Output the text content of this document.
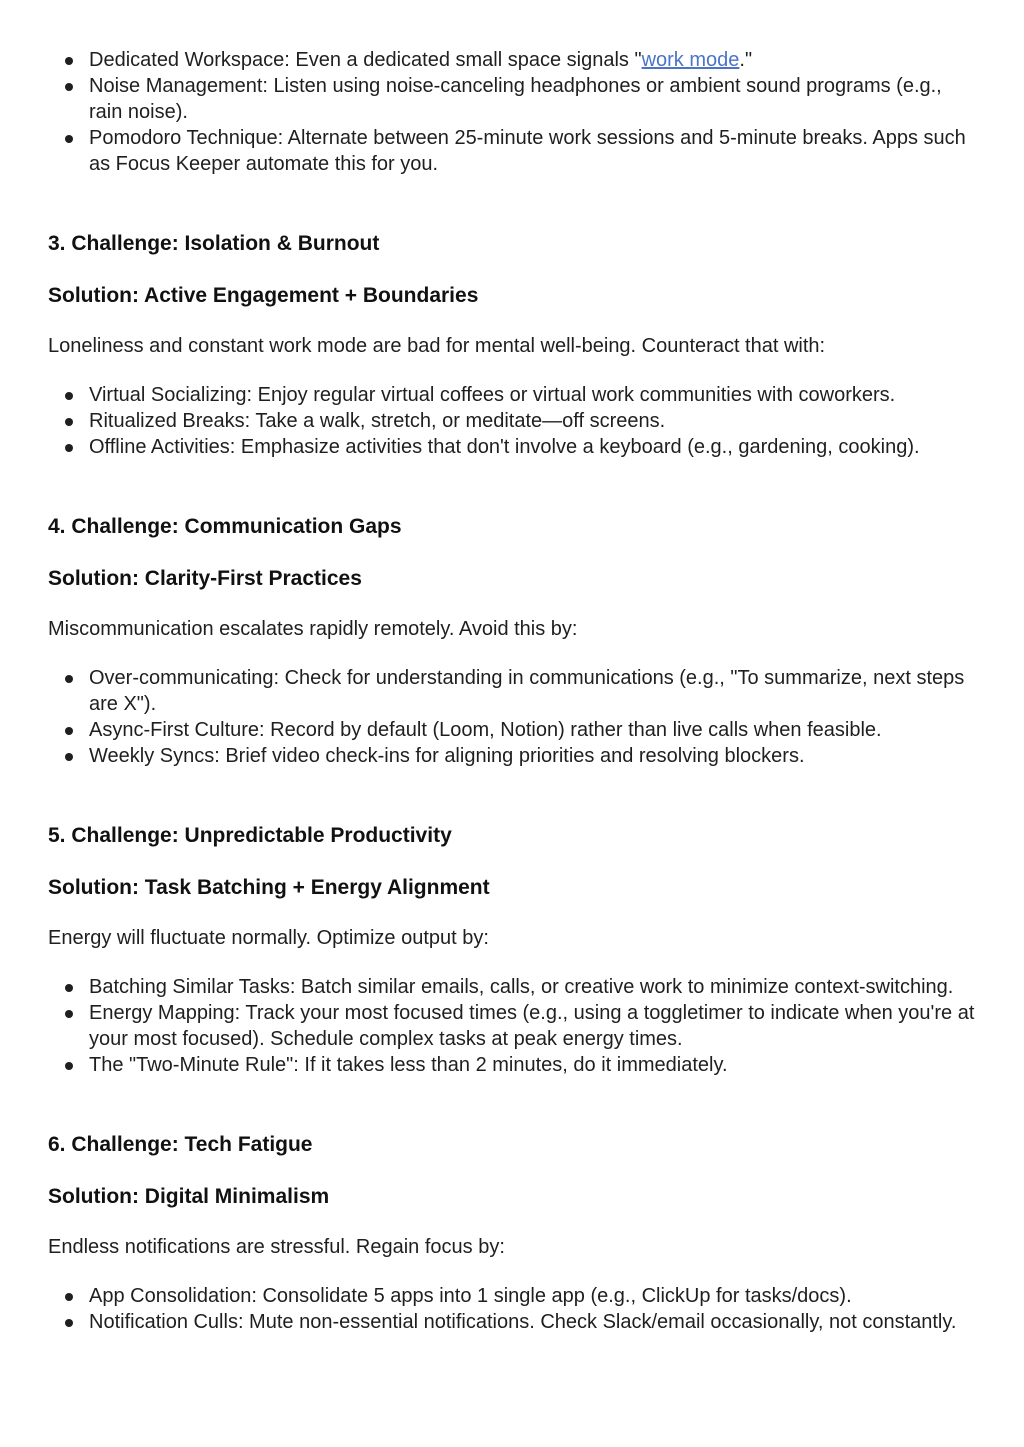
Dedicated Workspace: Even a dedicated small space signals "work mode."
Noise Management: Listen using noise-canceling headphones or ambient sound programs (e.g., rain noise).
Pomodoro Technique: Alternate between 25-minute work sessions and 5-minute breaks. Apps such as Focus Keeper automate this for you.
3. Challenge: Isolation & Burnout
Solution: Active Engagement + Boundaries
Loneliness and constant work mode are bad for mental well-being. Counteract that with:
Virtual Socializing: Enjoy regular virtual coffees or virtual work communities with coworkers.
Ritualized Breaks: Take a walk, stretch, or meditate—off screens.
Offline Activities: Emphasize activities that don't involve a keyboard (e.g., gardening, cooking).
4. Challenge: Communication Gaps
Solution: Clarity-First Practices
Miscommunication escalates rapidly remotely. Avoid this by:
Over-communicating: Check for understanding in communications (e.g., "To summarize, next steps are X").
Async-First Culture: Record by default (Loom, Notion) rather than live calls when feasible.
Weekly Syncs: Brief video check-ins for aligning priorities and resolving blockers.
5. Challenge: Unpredictable Productivity
Solution: Task Batching + Energy Alignment
Energy will fluctuate normally. Optimize output by:
Batching Similar Tasks: Batch similar emails, calls, or creative work to minimize context-switching.
Energy Mapping: Track your most focused times (e.g., using a toggletimer to indicate when you're at your most focused). Schedule complex tasks at peak energy times.
The "Two-Minute Rule": If it takes less than 2 minutes, do it immediately.
6. Challenge: Tech Fatigue
Solution: Digital Minimalism
Endless notifications are stressful. Regain focus by:
App Consolidation: Consolidate 5 apps into 1 single app (e.g., ClickUp for tasks/docs).
Notification Culls: Mute non-essential notifications. Check Slack/email occasionally, not constantly.
